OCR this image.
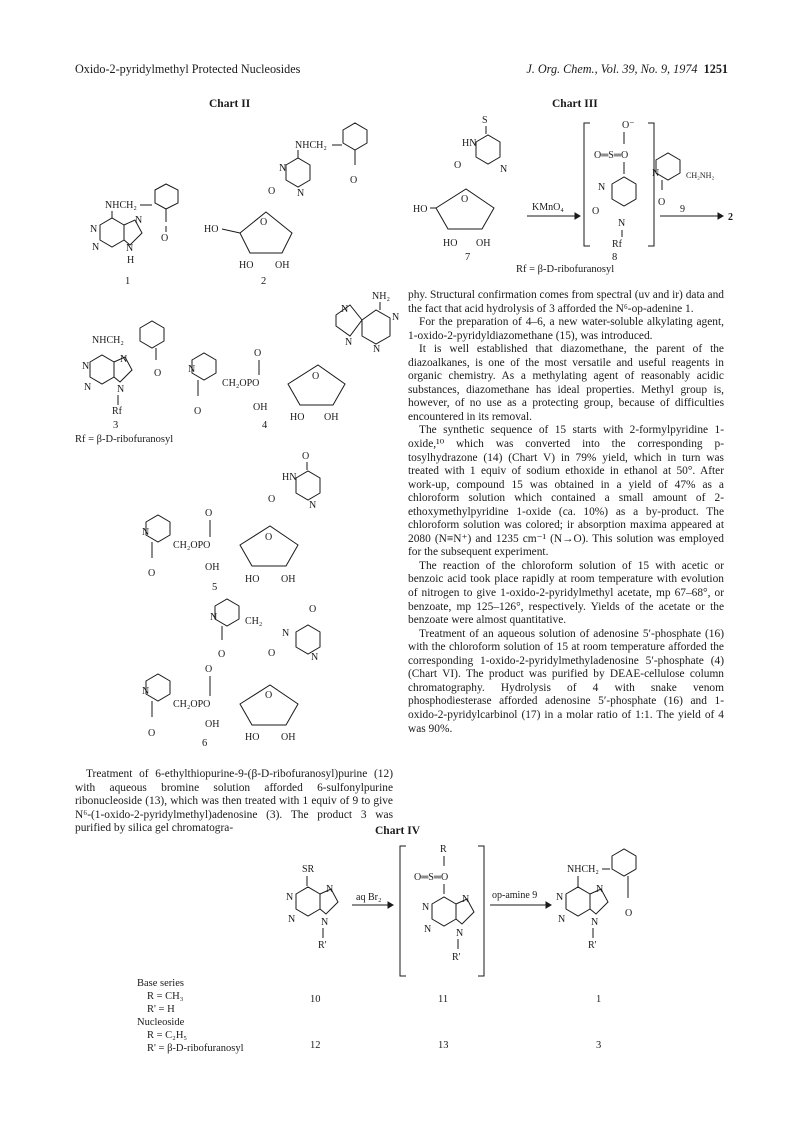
Oxido-2-pyridylmethyl Protected Nucleosides	J. Org. Chem., Vol. 39, No. 9, 1974 1251
Chart II	Chart III
Chart IV
NHCH₂
O
N
N
N	N
H
1
NHCH₂
O
N
O N
O
HO
HO OH
2
NHCH₂
O
N
N
N	N
Rf
3
N
O
CH₂OPO
O
OH
O
HO OH
NH₂
N
N
N
N
4
O
HN
O
N
N
O
CH₂OPO
O
OH
O
HO OH
5
N
O
CH₂
O
N
O	N
N
O
CH₂OPO
O
OH
O
HO OH
6
Rf = β-D-ribofuranosyl
S
HN
O	N
O
HO
HO OH
7
KMnO₄
O⁻
O═S═O
N
O
N
Rf
8
N	CH₂NH₂
O
9
2
Rf = β-D-ribofuranosyl

Treatment of 6-ethylthiopurine-9-(β-D-ribofuranosyl)purine (12) with aqueous bromine solution afforded 6-sulfonylpurine ribonucleoside (13), which was then treated with 1 equiv of 9 to give N⁶-(1-oxido-2-pyridylmethyl)adenosine (3). The product 3 was purified by silica gel chromatogra-

phy. Structural confirmation comes from spectral (uv and ir) data and the fact that acid hydrolysis of 3 afforded the N⁶-op-adenine 1.

For the preparation of 4–6, a new water-soluble alkylating agent, 1-oxido-2-pyridyldiazomethane (15), was introduced.

It is well established that diazomethane, the parent of the diazoalkanes, is one of the most versatile and useful reagents in organic chemistry. As a methylating agent of reasonably acidic substances, diazomethane has ideal properties. Methyl group is, however, of no use as a protecting group, because of difficulties encountered in its removal.

The synthetic sequence of 15 starts with 2-formylpyridine 1-oxide,¹⁰ which was converted into the corresponding p-tosylhydrazone (14) (Chart V) in 79% yield, which in turn was treated with 1 equiv of sodium ethoxide in ethanol at 50°. After work-up, compound 15 was obtained in a yield of 47% as a chloroform solution which contained a small amount of 2-ethoxymethylpyridine 1-oxide (ca. 10%) as a by-product. The chloroform solution was colored; ir absorption maxima appeared at 2080 (N≡N⁺) and 1235 cm⁻¹ (N→O). This solution was employed for the subsequent experiment.

The reaction of the chloroform solution of 15 with acetic or benzoic acid took place rapidly at room temperature with evolution of nitrogen to give 1-oxido-2-pyridylmethyl acetate, mp 67–68°, or benzoate, mp 125–126°, respectively. Yields of the acetate or the benzoate were almost quantitative.

Treatment of an aqueous solution of adenosine 5′-phosphate (16) with the chloroform solution of 15 at room temperature afforded the corresponding 1-oxido-2-pyridylmethyladenosine 5′-phosphate (4) (Chart VI). The product was purified by DEAE-cellulose column chromatography. Hydrolysis of 4 with snake venom phosphodiesterase afforded adenosine 5′-phosphate (16) and 1-oxido-2-pyridylcarbinol (17) in a molar ratio of 1:1. The yield of 4 was 90%.

SR
N
N
N	N
R'
aq Br₂
R
O═S═O
N
N
N N
R'
op-amine 9
NHCH₂
O
N
N
N	N
R'
10	11	1
12	13	3
Base series
R = CH₃
R' = H
Nucleoside
R = C₂H₅
R' = β-D-ribofuranosyl
